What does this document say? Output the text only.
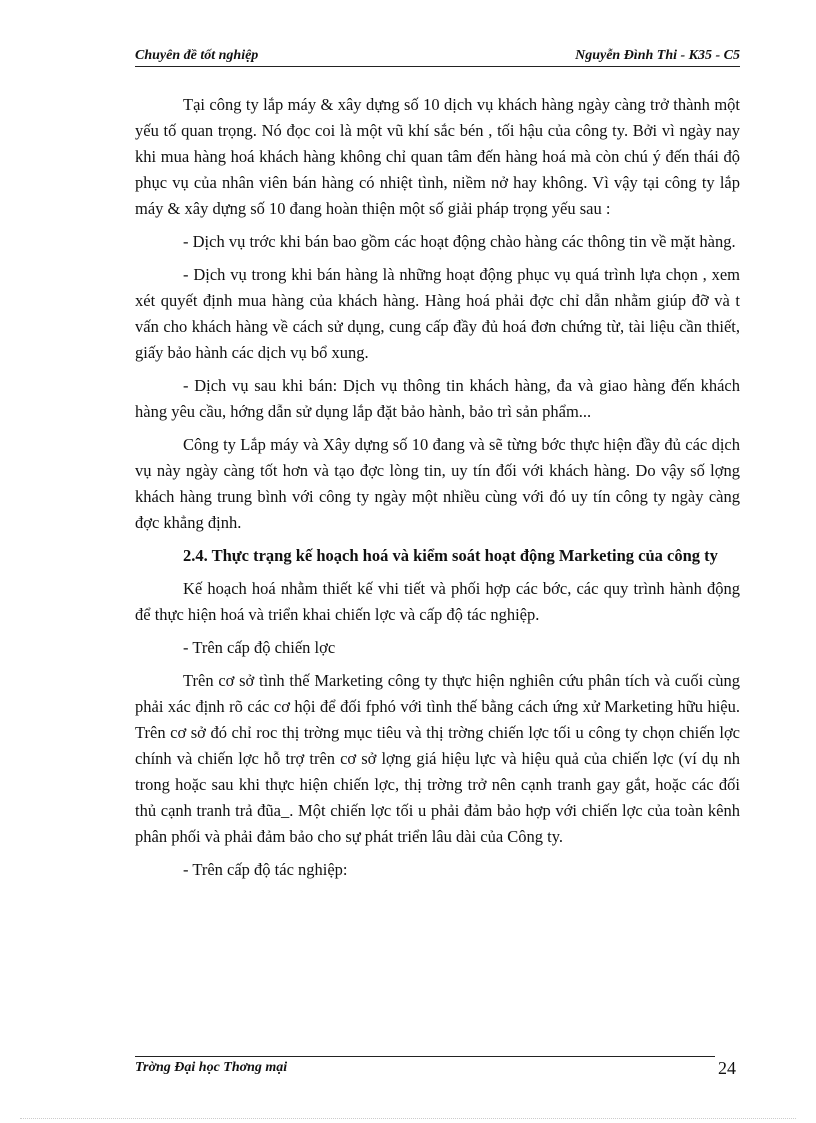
Chuyên đề tốt nghiệp	Nguyễn Đình Thi - K35 - C5

Tại công ty lắp máy & xây dựng số 10 dịch vụ khách hàng ngày càng trở thành một yếu tố quan trọng. Nó đọc coi là một vũ khí sắc bén , tối hậu của công ty. Bởi vì ngày nay khi mua hàng hoá khách hàng không chỉ quan tâm đến hàng hoá mà còn chú ý đến thái độ phục vụ của nhân viên bán hàng có nhiệt tình, niềm nở hay không. Vì vậy tại công ty lắp máy & xây dựng số 10 đang hoàn thiện một số giải pháp trọng yếu sau :

- Dịch vụ trớc khi bán bao gồm các hoạt động chào hàng các thông tin về mặt hàng.

- Dịch vụ trong khi bán hàng là những hoạt động phục vụ quá trình lựa chọn , xem xét quyết định mua hàng của khách hàng. Hàng hoá phải đợc chỉ dẫn nhằm giúp đỡ và t vấn cho khách hàng về cách sử dụng, cung cấp đầy đủ hoá đơn chứng từ, tài liệu cần thiết, giấy bảo hành các dịch vụ bổ xung.

- Dịch vụ sau khi bán: Dịch vụ thông tin khách hàng, đa và giao hàng đến khách hàng yêu cầu, hớng dẫn sử dụng lắp đặt bảo hành, bảo trì sản phẩm...

Công ty Lắp máy và Xây dựng số 10 đang và sẽ từng bớc thực hiện đầy đủ các dịch vụ này ngày càng tốt hơn và tạo đợc lòng tin, uy tín đối với khách hàng. Do vậy số lợng khách hàng trung bình với công ty ngày một nhiều cùng với đó uy tín công ty ngày càng đợc khẳng định.

2.4. Thực trạng kế hoạch hoá và kiểm soát hoạt động Marketing của công ty

Kế hoạch hoá nhằm thiết kế vhi tiết và phối hợp các bớc, các quy trình hành động để thực hiện hoá và triển khai chiến lợc và cấp độ tác nghiệp.

- Trên cấp độ chiến lợc

Trên cơ sở tình thế Marketing công ty thực hiện nghiên cứu phân tích và cuối cùng phải xác định rõ các cơ hội để đối fphó với tình thế bằng cách ứng xử Marketing hữu hiệu. Trên cơ sở đó chỉ roc thị trờng mục tiêu và thị trờng chiến lợc tối u công ty chọn chiến lợc chính và chiến lợc hỗ trợ trên cơ sở lợng giá hiệu lực và hiệu quả của chiến lợc (ví dụ nh trong hoặc sau khi thực hiện chiến lợc, thị trờng trở nên cạnh tranh gay gắt, hoặc các đối thủ cạnh tranh trả đũa_. Một chiến lợc tối u phải đảm bảo hợp với chiến lợc của toàn kênh phân phối và phải đảm bảo cho sự phát triển lâu dài của Công ty.

- Trên cấp độ tác nghiệp:

Trờng Đại học Thơng mại	24
